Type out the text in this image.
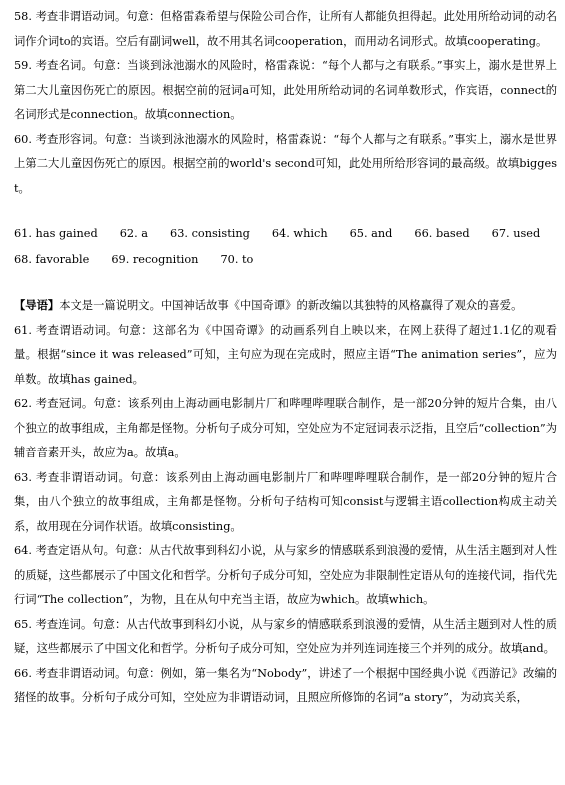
58. 考查非谓语动词。句意：但格雷森希望与保险公司合作，让所有人都能负担得起。此处用所给动词的动名词作介词to的宾语。空后有副词well，故不用其名词cooperation，而用动名词形式。故填cooperating。

59. 考查名词。句意：当谈到泳池溺水的风险时，格雷森说：“每个人都与之有联系。”事实上，溺水是世界上第二大儿童因伤死亡的原因。根据空前的冠词a可知，此处用所给动词的名词单数形式，作宾语，connect的名词形式是connection。故填connection。

60. 考查形容词。句意：当谈到泳池溺水的风险时，格雷森说：“每个人都与之有联系。”事实上，溺水是世界上第二大儿童因伤死亡的原因。根据空前的world's second可知，此处用所给形容词的最高级。故填biggest。

61. has gained 62. a 63. consisting 64. which 65. and 66. based 67. used

68. favorable 69. recognition 70. to

【导语】本文是一篇说明文。中国神话故事《中国奇谭》的新改编以其独特的风格赢得了观众的喜爱。

61. 考查谓语动词。句意：这部名为《中国奇谭》的动画系列自上映以来，在网上获得了超过1.1亿的观看量。根据“since it was released”可知，主句应为现在完成时，照应主语“The animation series”，应为单数。故填has gained。

62. 考查冠词。句意：该系列由上海动画电影制片厂和哔哩哔哩联合制作，是一部20分钟的短片合集，由八个独立的故事组成，主角都是怪物。分析句子成分可知，空处应为不定冠词表示泛指，且空后“collection”为辅音音素开头，故应为a。故填a。

63. 考查非谓语动词。句意：该系列由上海动画电影制片厂和哔哩哔哩联合制作，是一部20分钟的短片合集，由八个独立的故事组成，主角都是怪物。分析句子结构可知consist与逻辑主语collection构成主动关系，故用现在分词作状语。故填consisting。

64. 考查定语从句。句意：从古代故事到科幻小说，从与家乡的情感联系到浪漫的爱情，从生活主题到对人性的质疑，这些都展示了中国文化和哲学。分析句子成分可知，空处应为非限制性定语从句的连接代词，指代先行词“The collection”，为物，且在从句中充当主语，故应为which。故填which。

65. 考查连词。句意：从古代故事到科幻小说，从与家乡的情感联系到浪漫的爱情，从生活主题到对人性的质疑，这些都展示了中国文化和哲学。分析句子成分可知，空处应为并列连词连接三个并列的成分。故填and。

66. 考查非谓语动词。句意：例如，第一集名为“Nobody”，讲述了一个根据中国经典小说《西游记》改编的猪怪的故事。分析句子成分可知，空处应为非谓语动词，且照应所修饰的名词“a story”，为动宾关系，
